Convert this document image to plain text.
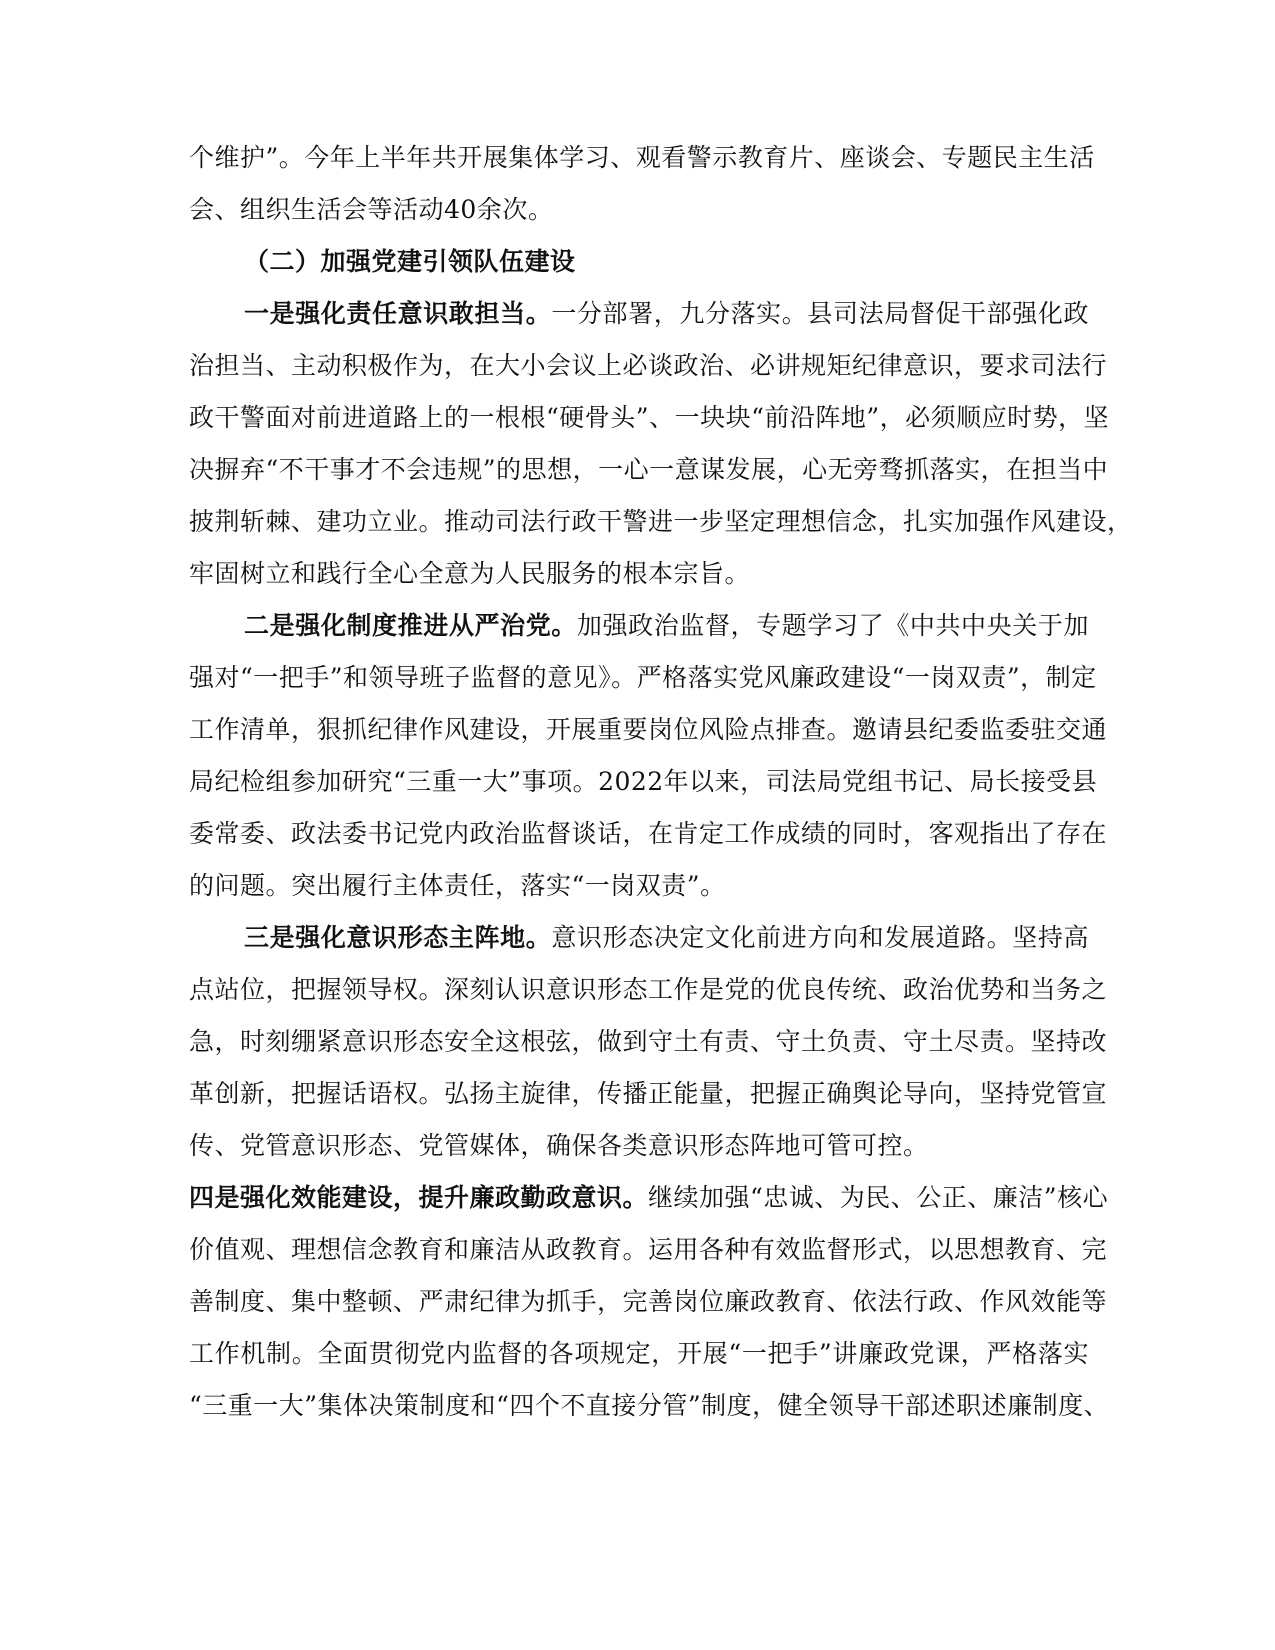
个维护”。今年上半年共开展集体学习、观看警示教育片、座谈会、专题民主生活
会、组织生活会等活动40余次。
（二）加强党建引领队伍建设
一是强化责任意识敢担当。一分部署，九分落实。县司法局督促干部强化政
治担当、主动积极作为，在大小会议上必谈政治、必讲规矩纪律意识，要求司法行
政干警面对前进道路上的一根根“硬骨头”、一块块“前沿阵地”，必须顺应时势，坚
决摒弃“不干事才不会违规”的思想，一心一意谋发展，心无旁骛抓落实，在担当中
披荆斩棘、建功立业。推动司法行政干警进一步坚定理想信念，扎实加强作风建设，
牢固树立和践行全心全意为人民服务的根本宗旨。
二是强化制度推进从严治党。加强政治监督，专题学习了《中共中央关于加
强对“一把手”和领导班子监督的意见》。严格落实党风廉政建设“一岗双责”，制定
工作清单，狠抓纪律作风建设，开展重要岗位风险点排查。邀请县纪委监委驻交通
局纪检组参加研究“三重一大”事项。2022年以来，司法局党组书记、局长接受县
委常委、政法委书记党内政治监督谈话，在肯定工作成绩的同时，客观指出了存在
的问题。突出履行主体责任，落实“一岗双责”。
三是强化意识形态主阵地。意识形态决定文化前进方向和发展道路。坚持高
点站位，把握领导权。深刻认识意识形态工作是党的优良传统、政治优势和当务之
急，时刻绷紧意识形态安全这根弦，做到守土有责、守土负责、守土尽责。坚持改
革创新，把握话语权。弘扬主旋律，传播正能量，把握正确舆论导向，坚持党管宣
传、党管意识形态、党管媒体，确保各类意识形态阵地可管可控。
四是强化效能建设，提升廉政勤政意识。继续加强“忠诚、为民、公正、廉洁”核心
价值观、理想信念教育和廉洁从政教育。运用各种有效监督形式，以思想教育、完
善制度、集中整顿、严肃纪律为抓手，完善岗位廉政教育、依法行政、作风效能等
工作机制。全面贯彻党内监督的各项规定，开展“一把手”讲廉政党课，严格落实
“三重一大”集体决策制度和“四个不直接分管”制度，健全领导干部述职述廉制度、
